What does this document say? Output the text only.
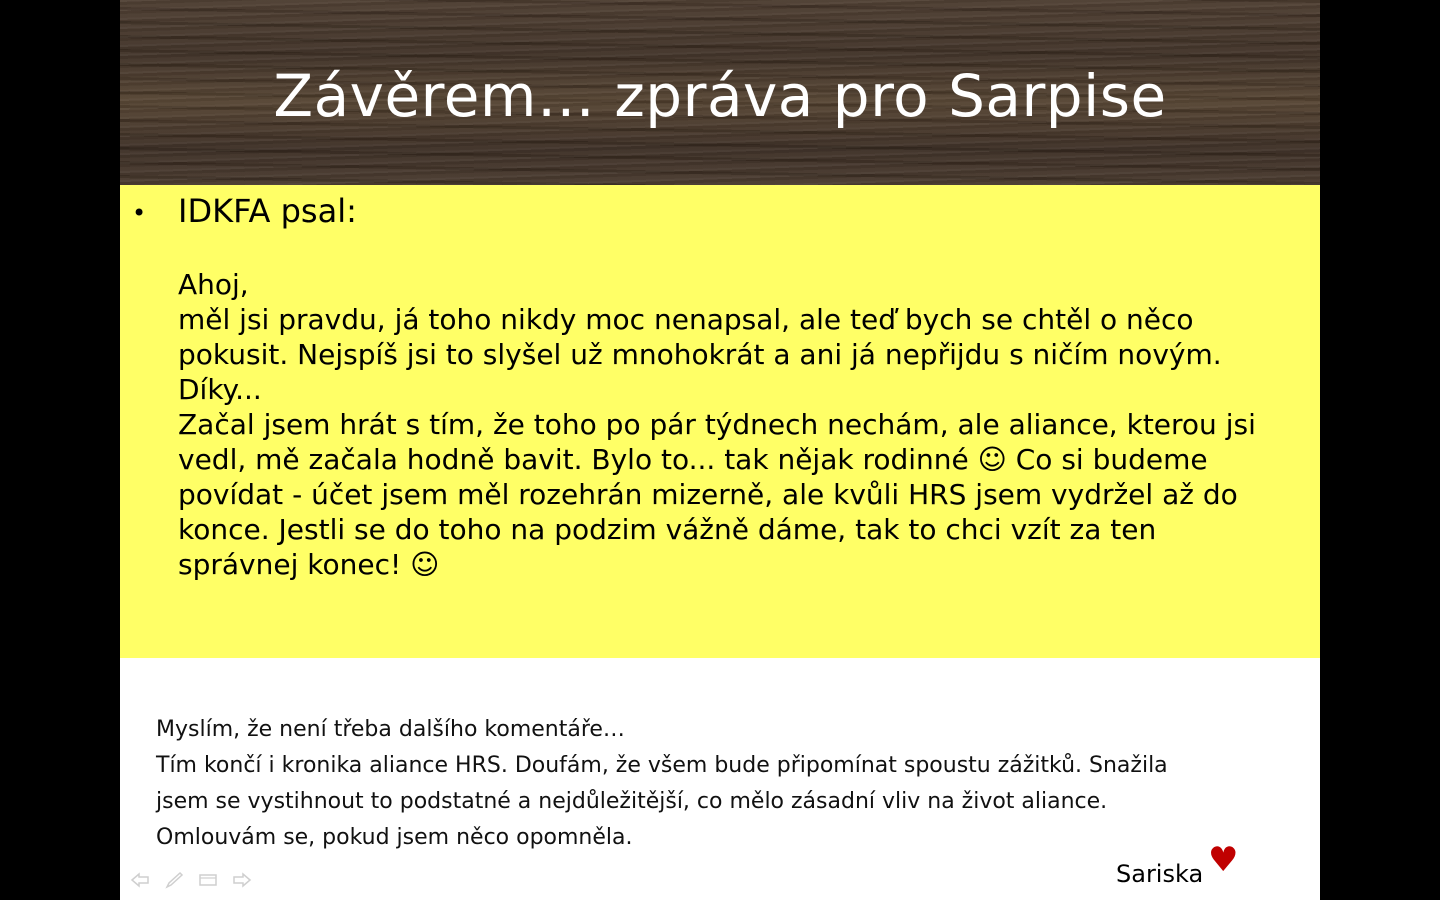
Závěrem… zpráva pro Sarpise
• IDKFA psal:
Ahoj,
měl jsi pravdu, já toho nikdy moc nenapsal, ale teď bych se chtěl o něco
pokusit. Nejspíš jsi to slyšel už mnohokrát a ani já nepřijdu s ničím novým.
Díky...
Začal jsem hrát s tím, že toho po pár týdnech nechám, ale aliance, kterou jsi
vedl, mě začala hodně bavit. Bylo to... tak nějak rodinné ☺ Co si budeme
povídat - účet jsem měl rozehrán mizerně, ale kvůli HRS jsem vydržel až do
konce. Jestli se do toho na podzim vážně dáme, tak to chci vzít za ten
správnej konec! ☺
Myslím, že není třeba dalšího komentáře…
Tím končí i kronika aliance HRS. Doufám, že všem bude připomínat spoustu zážitků. Snažila
jsem se vystihnout to podstatné a nejdůležitější, co mělo zásadní vliv na život aliance.
Omlouvám se, pokud jsem něco opomněla.
Sariska ♥
